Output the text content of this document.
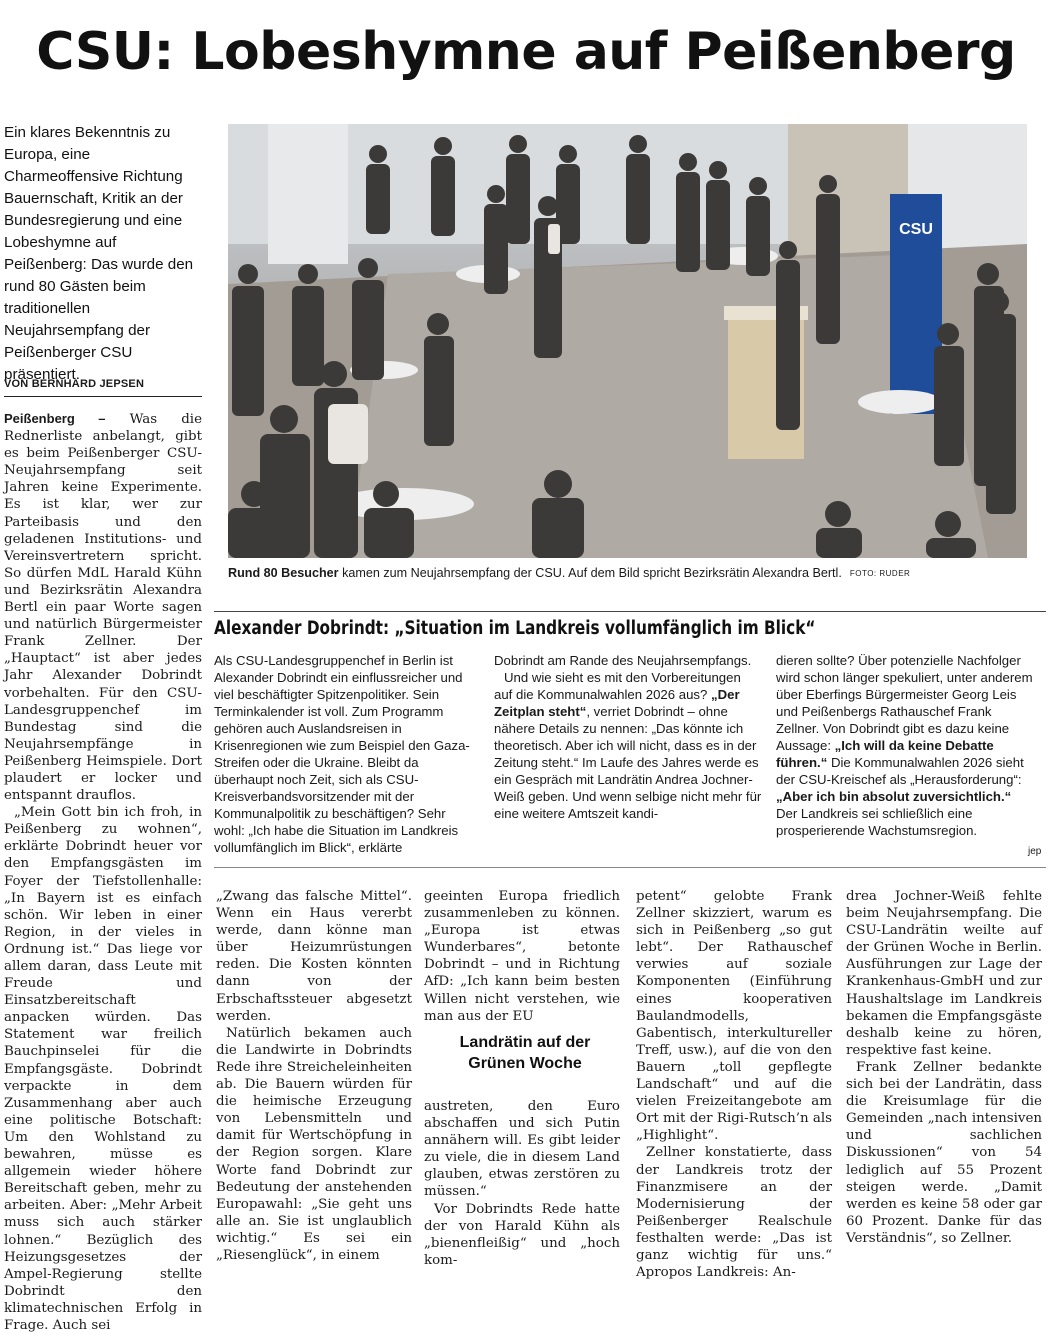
CSU: Lobeshymne auf Peißenberg

Ein klares Bekenntnis zu Europa, eine Charmeoffensive Richtung Bauernschaft, Kritik an der Bundesregierung und eine Lobeshymne auf Peißenberg: Das wurde den rund 80 Gästen beim traditionellen Neujahrsempfang der Peißenberger CSU präsentiert.

VON BERNHARD JEPSEN

Peißenberg – Was die Rednerliste anbelangt, gibt es beim Peißenberger CSU-Neujahrsempfang seit Jahren keine Experimente. Es ist klar, wer zur Parteibasis und den geladenen Institutions- und Vereinsvertretern spricht. So dürfen MdL Harald Kühn und Bezirksrätin Alexandra Bertl ein paar Worte sagen und natürlich Bürgermeister Frank Zellner. Der „Hauptact“ ist aber jedes Jahr Alexander Dobrindt vorbehalten. Für den CSU-Landesgruppenchef im Bundestag sind die Neujahrsempfänge in Peißenberg Heimspiele. Dort plaudert er locker und entspannt drauflos.

„Mein Gott bin ich froh, in Peißenberg zu wohnen“, erklärte Dobrindt heuer vor den Empfangsgästen im Foyer der Tiefstollenhalle: „In Bayern ist es einfach schön. Wir leben in einer Region, in der vieles in Ordnung ist.“ Das liege vor allem daran, dass Leute mit Freude und Einsatzbereitschaft anpacken würden. Das Statement war freilich Bauchpinselei für die Empfangsgäste. Dobrindt verpackte in dem Zusammenhang aber auch eine politische Botschaft: Um den Wohlstand zu bewahren, müsse es allgemein wieder höhere Bereitschaft geben, mehr zu arbeiten. Aber: „Mehr Arbeit muss sich auch stärker lohnen.“ Bezüglich des Heizungsgesetzes der Ampel-Regierung stellte Dobrindt den klimatechnischen Erfolg in Frage. Auch sei

CSU
Rund 80 Besucher kamen zum Neujahrsempfang der CSU. Auf dem Bild spricht Bezirksrätin Alexandra Bertl. FOTO: RUDER
Alexander Dobrindt: „Situation im Landkreis vollumfänglich im Blick“

Als CSU-Landesgruppenchef in Berlin ist Alexander Dobrindt ein einflussreicher und viel beschäftigter Spitzenpolitiker. Sein Terminkalender ist voll. Zum Programm gehören auch Auslandsreisen in Krisenregionen wie zum Beispiel den Gaza-Streifen oder die Ukraine. Bleibt da überhaupt noch Zeit, sich als CSU-Kreisverbandsvorsitzender mit der Kommunalpolitik zu beschäftigen? Sehr wohl: „Ich habe die Situation im Landkreis vollumfänglich im Blick“, erklärte

Dobrindt am Rande des Neujahrsempfangs.

Und wie sieht es mit den Vorbereitungen auf die Kommunalwahlen 2026 aus? „Der Zeitplan steht“, verriet Dobrindt – ohne nähere Details zu nennen: „Das könnte ich theoretisch. Aber ich will nicht, dass es in der Zeitung steht.“ Im Laufe des Jahres werde es ein Gespräch mit Landrätin Andrea Jochner-Weiß geben. Und wenn selbige nicht mehr für eine weitere Amtszeit kandi-

dieren sollte? Über potenzielle Nachfolger wird schon länger spekuliert, unter anderem über Eberfings Bürgermeister Georg Leis und Peißenbergs Rathauschef Frank Zellner. Von Dobrindt gibt es dazu keine Aussage: „Ich will da keine Debatte führen.“ Die Kommunalwahlen 2026 sieht der CSU-Kreischef als „Herausforderung“: „Aber ich bin absolut zuversichtlich.“ Der Landkreis sei schließlich eine prosperierende Wachstumsregion.

jep

„Zwang das falsche Mittel“. Wenn ein Haus vererbt werde, dann könne man über Heizumrüstungen reden. Die Kosten könnten dann von der Erbschaftssteuer abgesetzt werden.

Natürlich bekamen auch die Landwirte in Dobrindts Rede ihre Streicheleinheiten ab. Die Bauern würden für die heimische Erzeugung von Lebensmitteln und damit für Wertschöpfung in der Region sorgen. Klare Worte fand Dobrindt zur Bedeutung der anstehenden Europawahl: „Sie geht uns alle an. Sie ist unglaublich wichtig.“ Es sei ein „Riesenglück“, in einem

geeinten Europa friedlich zusammenleben zu können. „Europa ist etwas Wunderbares“, betonte Dobrindt – und in Richtung AfD: „Ich kann beim besten Willen nicht verstehen, wie man aus der EU

Landrätin auf der Grünen Woche

austreten, den Euro abschaffen und sich Putin annähern will. Es gibt leider zu viele, die in diesem Land glauben, etwas zerstören zu müssen.“

Vor Dobrindts Rede hatte der von Harald Kühn als „bienenfleißig“ und „hoch kom-

petent“ gelobte Frank Zellner skizziert, warum es sich in Peißenberg „so gut lebt“. Der Rathauschef verwies auf soziale Komponenten (Einführung eines kooperativen Baulandmodells, Gabentisch, interkultureller Treff, usw.), auf die von den Bauern „toll gepflegte Landschaft“ und auf die vielen Freizeitangebote am Ort mit der Rigi-Rutsch’n als „Highlight“.

Zellner konstatierte, dass der Landkreis trotz der Finanzmisere an der Modernisierung der Peißenberger Realschule festhalten werde: „Das ist ganz wichtig für uns.“ Apropos Landkreis: An-

drea Jochner-Weiß fehlte beim Neujahrsempfang. Die CSU-Landrätin weilte auf der Grünen Woche in Berlin. Ausführungen zur Lage der Krankenhaus-GmbH und zur Haushaltslage im Landkreis bekamen die Empfangsgäste deshalb keine zu hören, respektive fast keine.

Frank Zellner bedankte sich bei der Landrätin, dass die Kreisumlage für die Gemeinden „nach intensiven und sachlichen Diskussionen“ von 54 lediglich auf 55 Prozent steigen werde. „Damit werden es keine 58 oder gar 60 Prozent. Danke für das Verständnis“, so Zellner.
